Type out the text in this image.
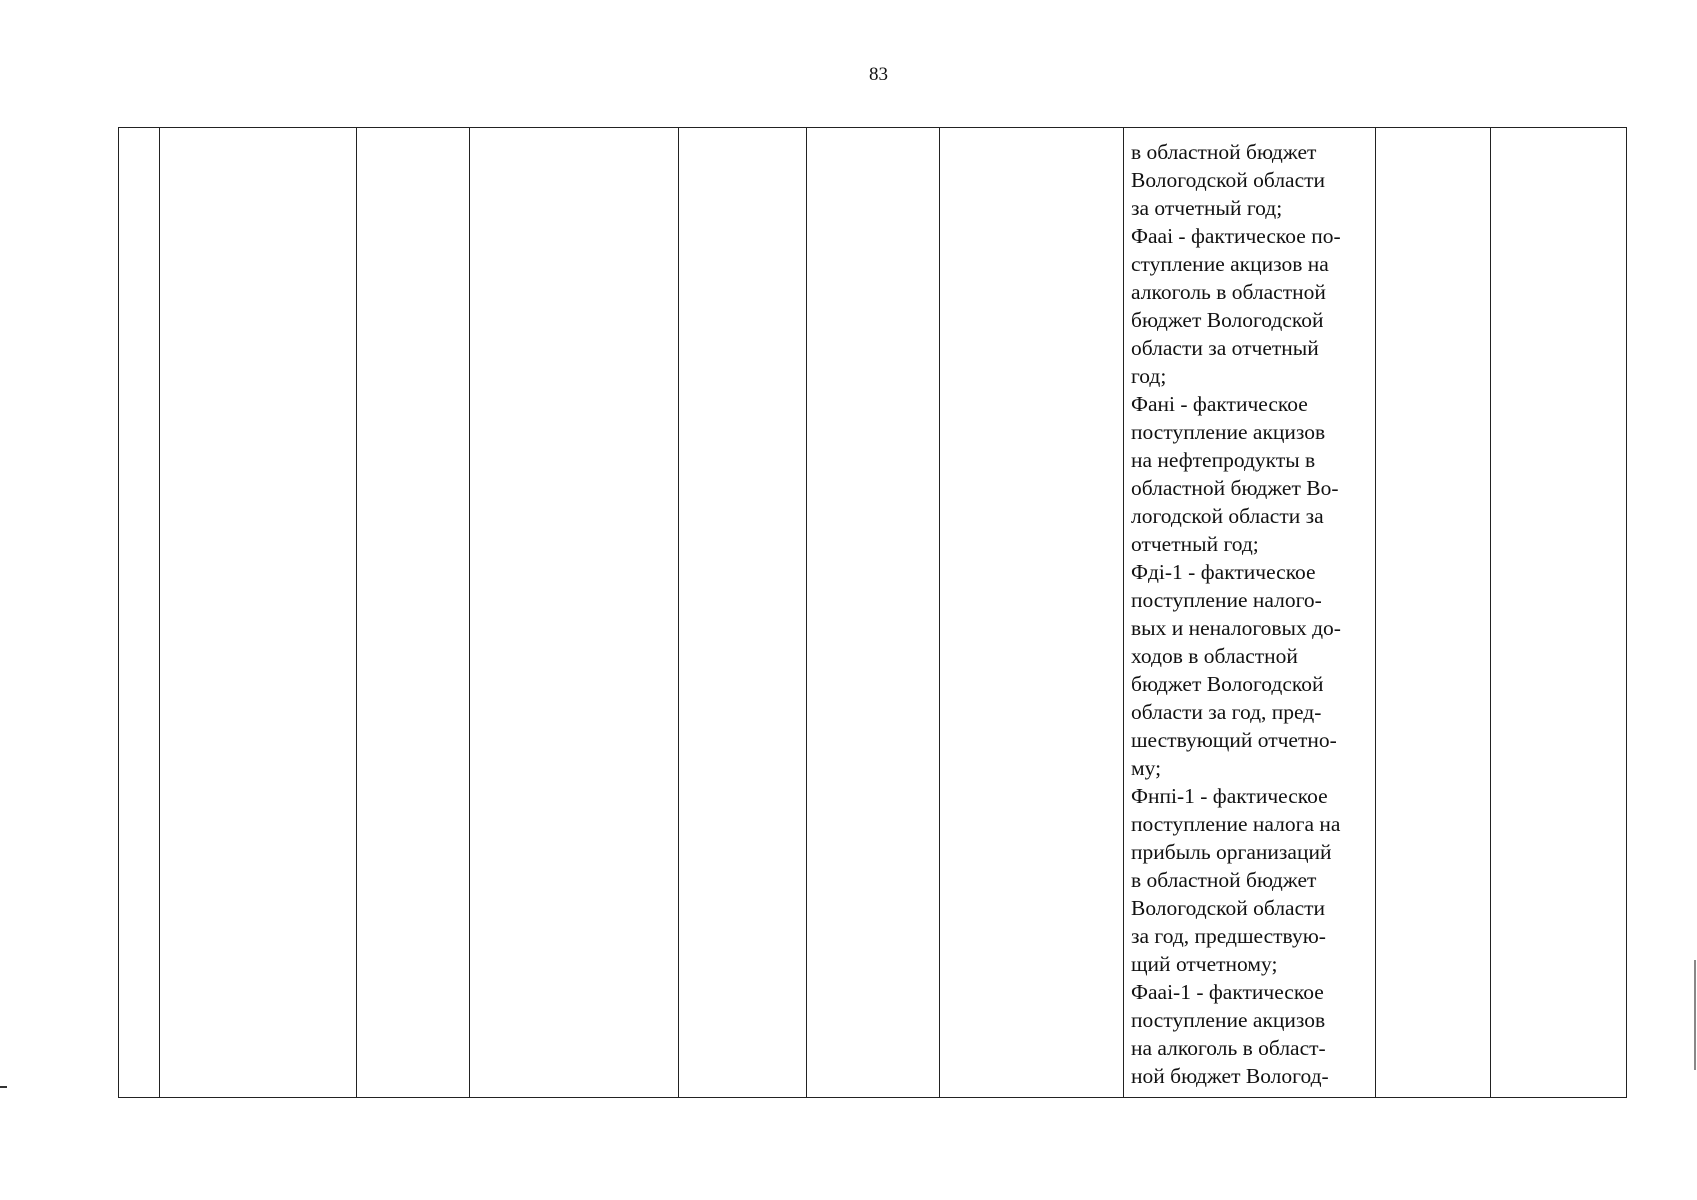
83
							в областной бюджет
Вологодской области
за отчетный год;
Фааі - фактическое по-
ступление акцизов на
алкоголь в областной
бюджет Вологодской
области за отчетный
год;
Фанi - фактическое
поступление акцизов
на нефтепродукты в
областной бюджет Во-
логодской области за
отчетный год;
Фдi-1 - фактическое
поступление налого-
вых и неналоговых до-
ходов в областной
бюджет Вологодской
области за год, пред-
шествующий отчетно-
му;
Фнпi-1 - фактическое
поступление налога на
прибыль организаций
в областной бюджет
Вологодской области
за год, предшествую-
щий отчетному;
Фааi-1 - фактическое
поступление акцизов
на алкоголь в област-
ной бюджет Вологод-		
